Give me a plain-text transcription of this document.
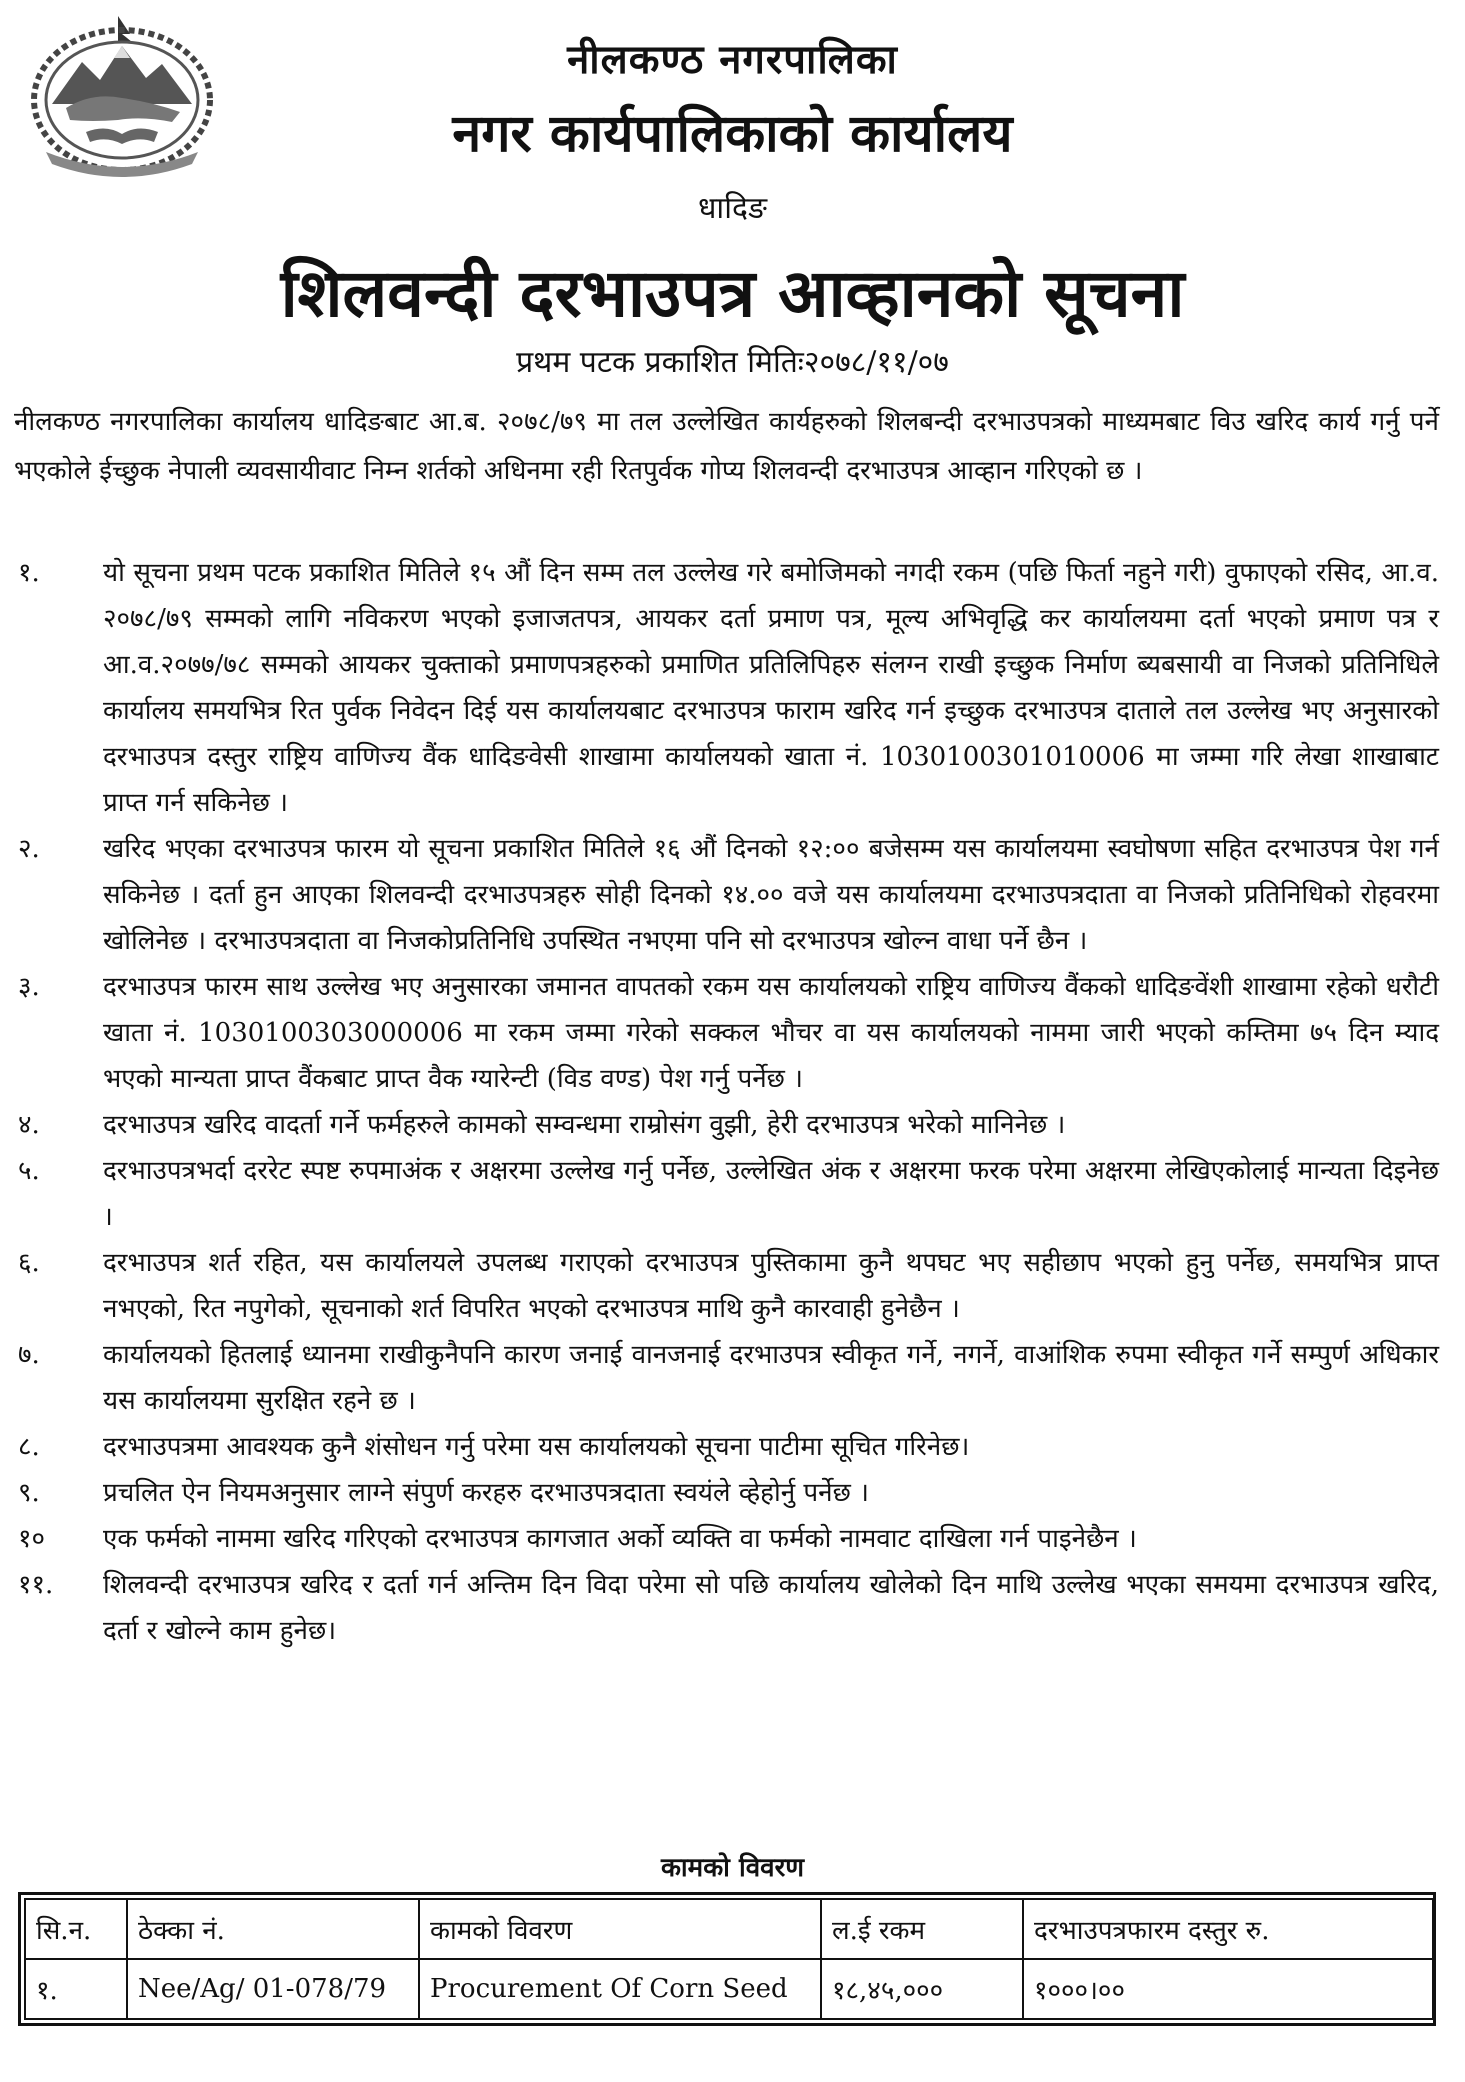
नीलकण्ठ नगरपालिका
नगर कार्यपालिकाको कार्यालय
धादिङ
शिलवन्दी दरभाउपत्र आव्हानको सूचना
प्रथम पटक प्रकाशित मितिः२०७८/११/०७
नीलकण्ठ नगरपालिका कार्यालय धादिङबाट आ.ब. २०७८/७९ मा तल उल्लेखित कार्यहरुको शिलबन्दी दरभाउपत्रको माध्यमबाट विउ खरिद कार्य गर्नु पर्ने भएकोले ईच्छुक नेपाली व्यवसायीवाट निम्न शर्तको अधिनमा रही रितपुर्वक गोप्य शिलवन्दी दरभाउपत्र आव्हान गरिएको छ ।
१.	यो सूचना प्रथम पटक प्रकाशित मितिले १५ औं दिन सम्म तल उल्लेख गरे बमोजिमको नगदी रकम (पछि फिर्ता नहुने गरी) वुफाएको रसिद, आ.व. २०७८/७९ सम्मको लागि नविकरण भएको इजाजतपत्र, आयकर दर्ता प्रमाण पत्र, मूल्य अभिवृद्धि कर कार्यालयमा दर्ता भएको प्रमाण पत्र र आ.व.२०७७/७८ सम्मको आयकर चुक्ताको प्रमाणपत्रहरुको प्रमाणित प्रतिलिपिहरु संलग्न राखी इच्छुक निर्माण ब्यबसायी वा निजको प्रतिनिधिले कार्यालय समयभित्र रित पुर्वक निवेदन दिई यस कार्यालयबाट दरभाउपत्र फाराम खरिद गर्न इच्छुक दरभाउपत्र दाताले तल उल्लेख भए अनुसारको दरभाउपत्र दस्तुर राष्ट्रिय वाणिज्य वैंक धादिङवेसी शाखामा कार्यालयको खाता नं. 1030100301010006 मा जम्मा गरि लेखा शाखाबाट प्राप्त गर्न सकिनेछ ।
२.	खरिद भएका दरभाउपत्र फारम यो सूचना प्रकाशित मितिले १६ औं दिनको १२:०० बजेसम्म यस कार्यालयमा स्वघोषणा सहित दरभाउपत्र पेश गर्न सकिनेछ । दर्ता हुन आएका शिलवन्दी दरभाउपत्रहरु सोही दिनको १४.०० वजे यस कार्यालयमा दरभाउपत्रदाता वा निजको प्रतिनिधिको रोहवरमा खोलिनेछ । दरभाउपत्रदाता वा निजकोप्रतिनिधि उपस्थित नभएमा पनि सो दरभाउपत्र खोल्न वाधा पर्ने छैन ।
३.	दरभाउपत्र फारम साथ उल्लेख भए अनुसारका जमानत वापतको रकम यस कार्यालयको राष्ट्रिय वाणिज्य वैंकको धादिङवेंशी शाखामा रहेको धरौटी खाता नं. 1030100303000006 मा रकम जम्मा गरेको सक्कल भौचर वा यस कार्यालयको नाममा जारी भएको कम्तिमा ७५ दिन म्याद भएको मान्यता प्राप्त वैंकबाट प्राप्त वैक ग्यारेन्टी (विड वण्ड) पेश गर्नु पर्नेछ ।
४.	दरभाउपत्र खरिद वादर्ता गर्ने फर्महरुले कामको सम्वन्धमा राम्रोसंग वुझी, हेरी दरभाउपत्र भरेको मानिनेछ ।
५.	दरभाउपत्रभर्दा दररेट स्पष्ट रुपमाअंक र अक्षरमा उल्लेख गर्नु पर्नेछ, उल्लेखित अंक र अक्षरमा फरक परेमा अक्षरमा लेखिएकोलाई मान्यता दिइनेछ ।
६.	दरभाउपत्र शर्त रहित, यस कार्यालयले उपलब्ध गराएको दरभाउपत्र पुस्तिकामा कुनै थपघट भए सहीछाप भएको हुनु पर्नेछ, समयभित्र प्राप्त नभएको, रित नपुगेको, सूचनाको शर्त विपरित भएको दरभाउपत्र माथि कुनै कारवाही हुनेछैन ।
७.	कार्यालयको हितलाई ध्यानमा राखीकुनैपनि कारण जनाई वानजनाई दरभाउपत्र स्वीकृत गर्ने, नगर्ने, वाआंशिक रुपमा स्वीकृत गर्ने सम्पुर्ण अधिकार यस कार्यालयमा सुरक्षित रहने छ ।
८.	दरभाउपत्रमा आवश्यक कुनै शंसोधन गर्नु परेमा यस कार्यालयको सूचना पाटीमा सूचित गरिनेछ।
९.	प्रचलित ऐन नियमअनुसार लाग्ने संपुर्ण करहरु दरभाउपत्रदाता स्वयंले व्हेहोर्नु पर्नेछ ।
१०	एक फर्मको नाममा खरिद गरिएको दरभाउपत्र कागजात अर्को व्यक्ति वा फर्मको नामवाट दाखिला गर्न पाइनेछैन ।
११.	शिलवन्दी दरभाउपत्र खरिद र दर्ता गर्न अन्तिम दिन विदा परेमा सो पछि कार्यालय खोलेको दिन माथि उल्लेख भएका समयमा दरभाउपत्र खरिद, दर्ता र खोल्ने काम हुनेछ।
कामको विवरण
सि.न.	ठेक्का नं.	कामको विवरण	ल.ई रकम	दरभाउपत्रफारम दस्तुर रु.
१.	Nee/Ag/ 01-078/79	Procurement Of Corn Seed	१८,४५,०००	१०००।००
